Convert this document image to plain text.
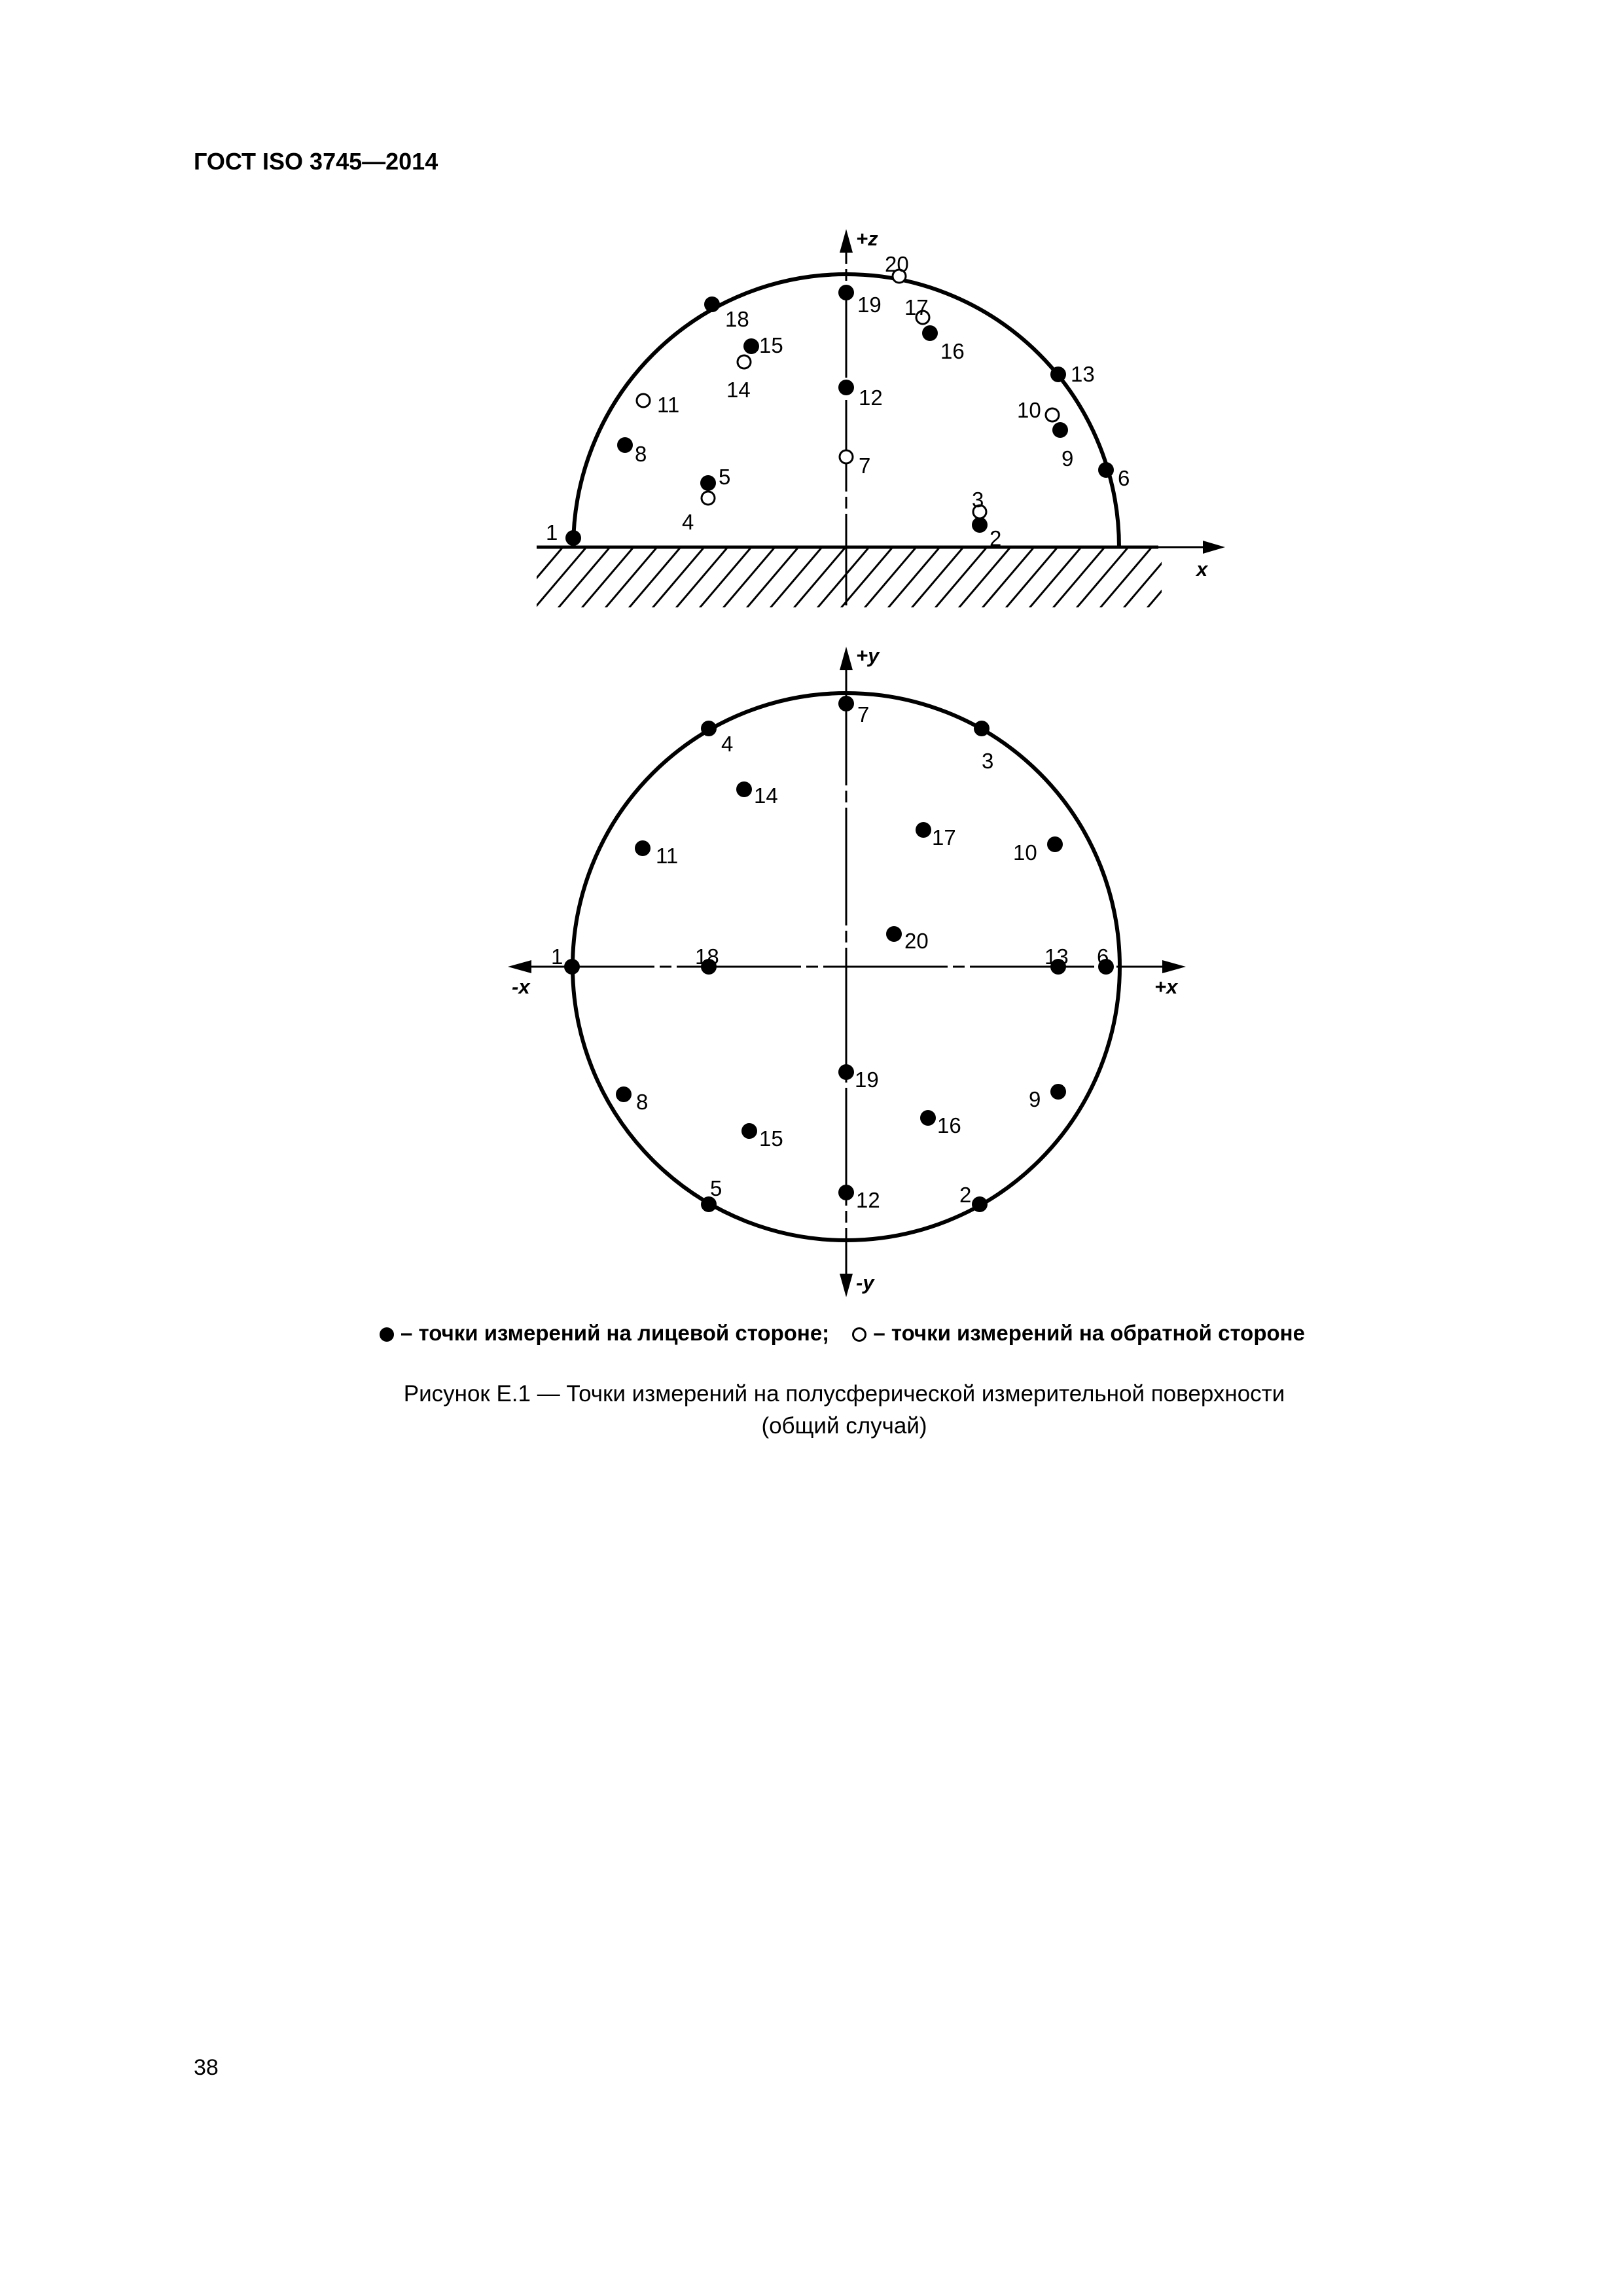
ГОСТ ISO 3745—2014
x
+z
1	2
3
4
5	6
7
8	9
10
11	12
13
14
15	16
17
18
19
20
-x	+x
+y
-y
1
2
3
4
5
6
7
8	9
10
11
12
13
14
15
16
17
18
19
20
– точки измерений на лицевой стороне; – точки измерений на обратной стороне
Рисунок Е.1 — Точки измерений на полусферической измерительной поверхности
(общий случай)
38
